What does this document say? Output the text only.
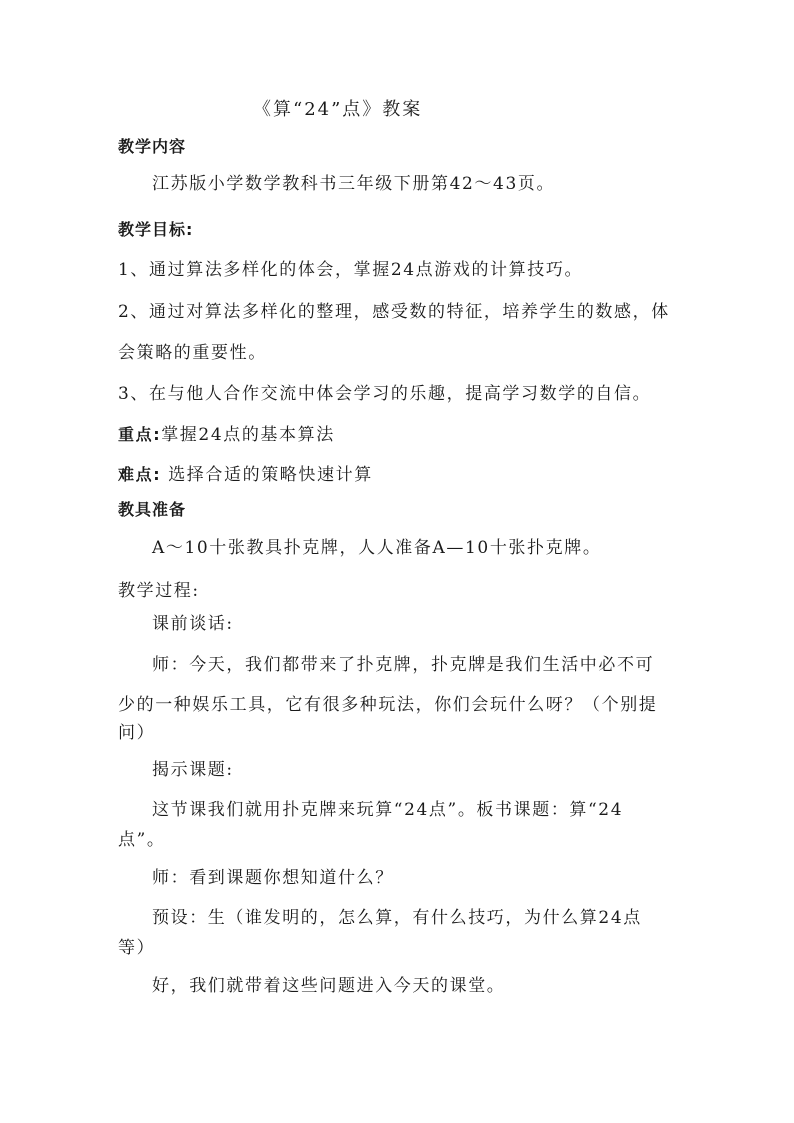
《算“24”点》教案
教学内容
江苏版小学数学教科书三年级下册第42～43页。
教学目标:
1、通过算法多样化的体会，掌握24点游戏的计算技巧。
2、通过对算法多样化的整理，感受数的特征，培养学生的数感，体
会策略的重要性。
3、在与他人合作交流中体会学习的乐趣，提高学习数学的自信。
重点:掌握24点的基本算法
难点: 选择合适的策略快速计算
教具准备
A～10十张教具扑克牌，人人准备A—10十张扑克牌。
教学过程:
课前谈话:
师：今天，我们都带来了扑克牌，扑克牌是我们生活中必不可
少的一种娱乐工具，它有很多种玩法，你们会玩什么呀？（个别提
问）
揭示课题:
这节课我们就用扑克牌来玩算“24点”。板书课题：算“24
点”。
师：看到课题你想知道什么？
预设：生（谁发明的，怎么算，有什么技巧，为什么算24点
等）
好，我们就带着这些问题进入今天的课堂。
